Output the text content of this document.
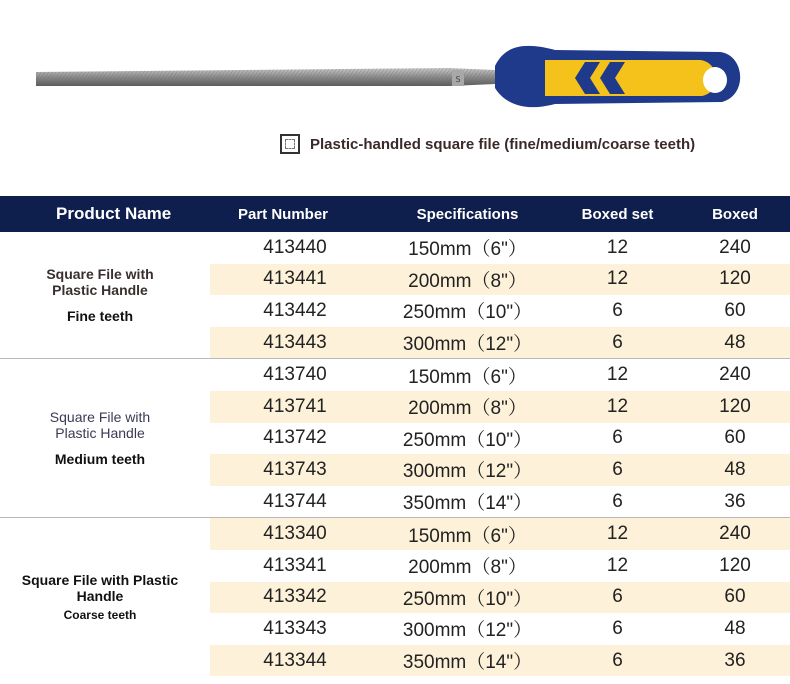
S
Plastic-handled square file (fine/medium/coarse teeth)
Product Name	Part Number	Specifications	Boxed set	Boxed
Square File with Plastic Handle
Fine teeth
413440	150mm（6"）	12	240
413441	200mm（8"）	12	120
413442	250mm（10"）	6	60
413443	300mm（12"）	6	48
Square File with Plastic Handle
Medium teeth
413740	150mm（6"）	12	240
413741	200mm（8"）	12	120
413742	250mm（10"）	6	60
413743	300mm（12"）	6	48
413744	350mm（14"）	6	36
Square File with Plastic Handle
Coarse teeth
413340	150mm（6"）	12	240
413341	200mm（8"）	12	120
413342	250mm（10"）	6	60
413343	300mm（12"）	6	48
413344	350mm（14"）	6	36
